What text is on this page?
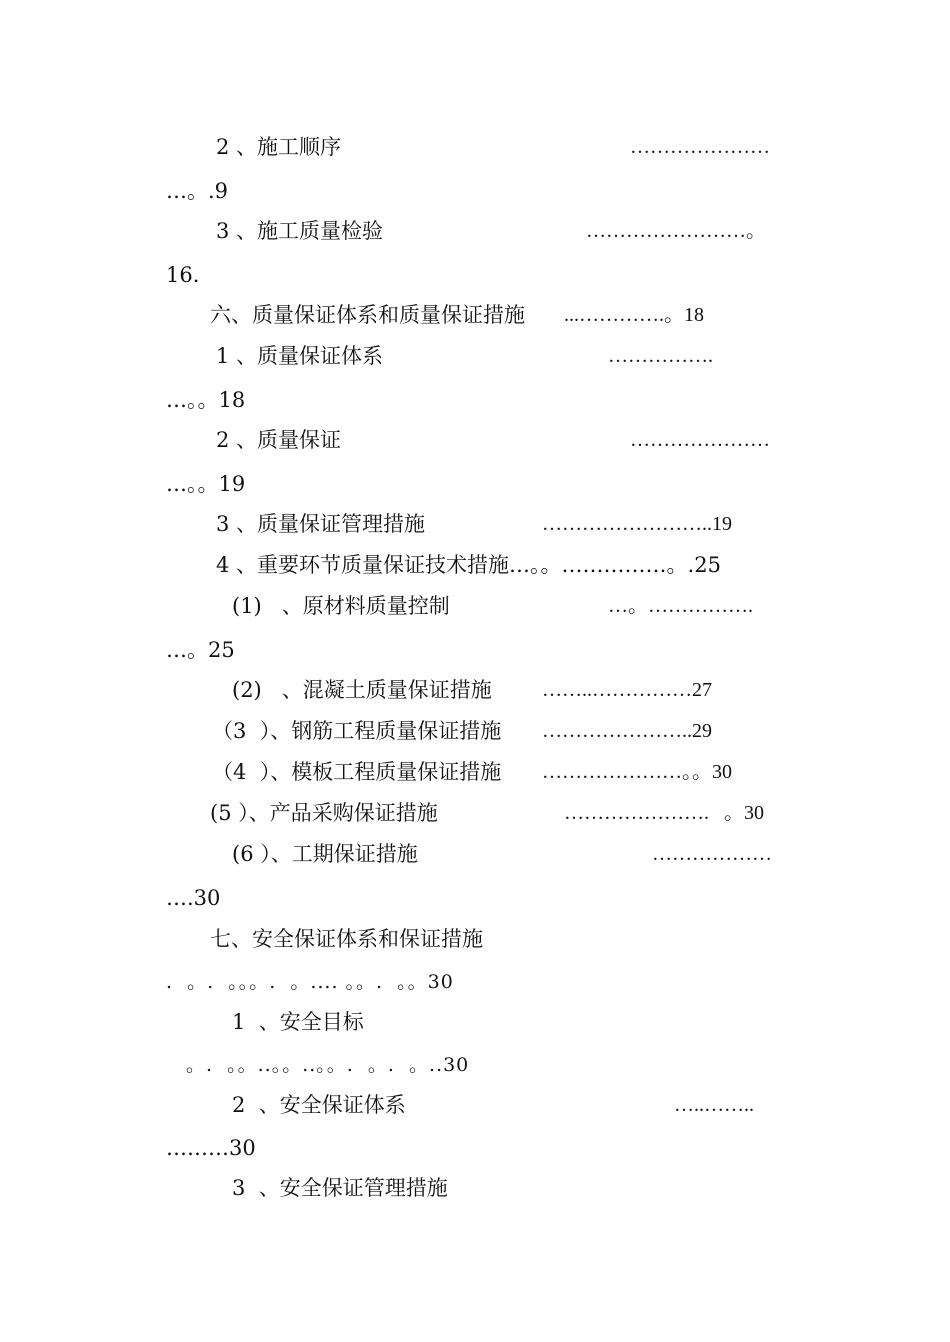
2 、施工顺序	…………………
…。.9
3 、施工质量检验	……………………。
16.
六、质量保证体系和质量保证措施 ...………….。18
1 、质量保证体系	…………….
…。。18
2 、质量保证	…………………
…。。19
3 、质量保证管理措施	……………………..19
4 、重要环节质量保证技术措施…。。……………。.25
(1)   、原材料质量控制	…。…………….
…。25
(2)   、混凝土质量保证措施	……..……………27
（3  ）、钢筋工程质量保证措施 …………………..29
（4  ）、模板工程质量保证措施 …………………。。30
(5 ）、产品采购保证措施	………………….   。30
(6 ）、工期保证措施	………………
….30
七、安全保证体系和保证措施
.  。.  。。。.  。.... 。。.  。。30
1  、安全目标
。.  。。..。。..。。.  。.  。..30
2  、安全保证体系	…..……..
………30
3  、安全保证管理措施
